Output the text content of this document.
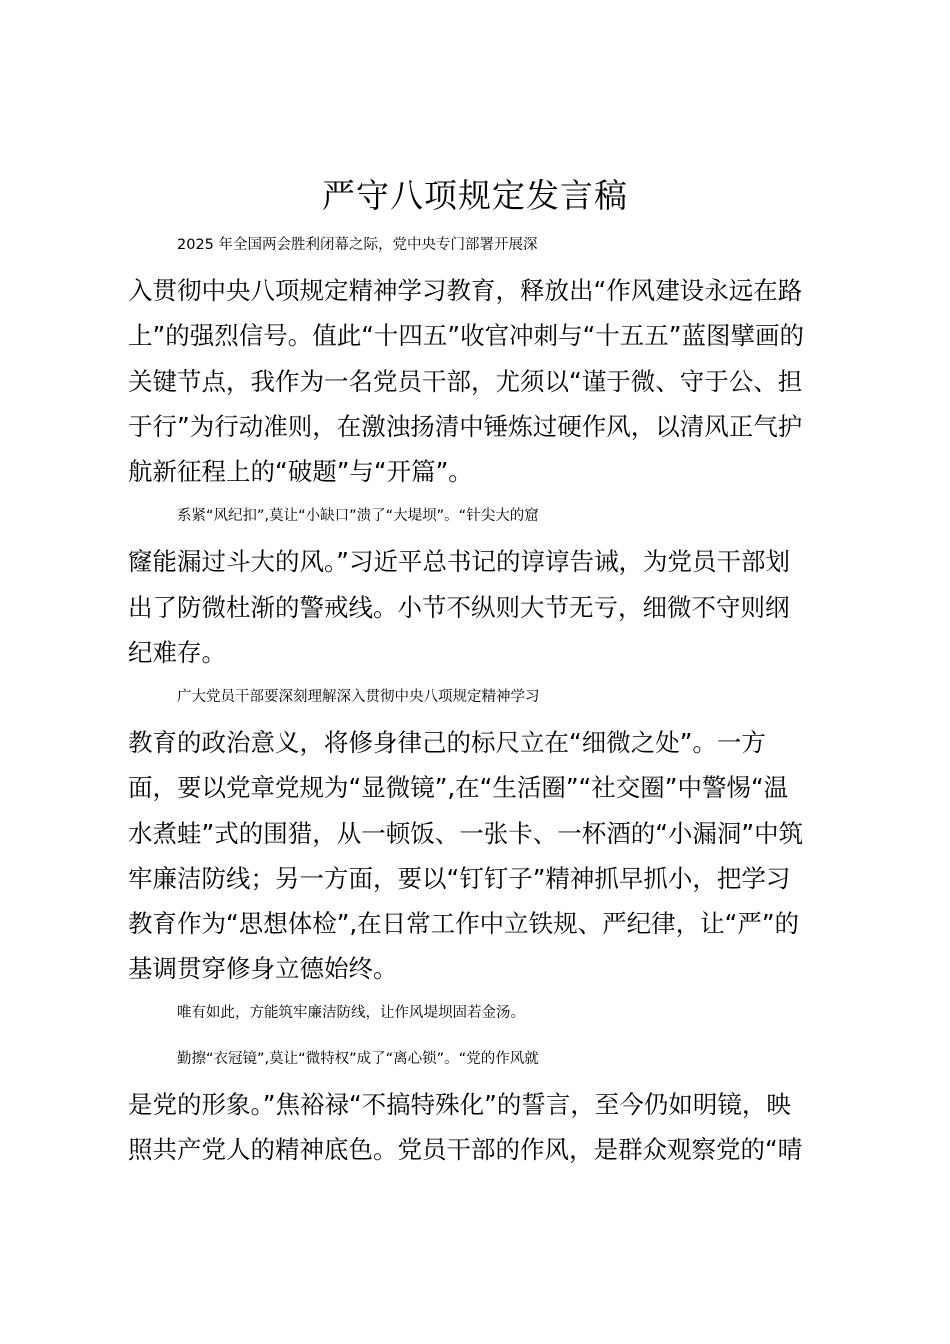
严守八项规定发言稿

2025 年全国两会胜利闭幕之际，党中央专门部署开展深
入贯彻中央八项规定精神学习教育，释放出“作风建设永远在路
上”的强烈信号。值此“十四五”收官冲刺与“十五五”蓝图擘画的
关键节点，我作为一名党员干部，尤须以“谨于微、守于公、担
于行”为行动准则，在激浊扬清中锤炼过硬作风，以清风正气护
航新征程上的“破题”与“开篇”。

系紧“风纪扣”,莫让“小缺口”溃了“大堤坝”。“针尖大的窟
窿能漏过斗大的风。”习近平总书记的谆谆告诫，为党员干部划
出了防微杜渐的警戒线。小节不纵则大节无亏，细微不守则纲
纪难存。

广大党员干部要深刻理解深入贯彻中央八项规定精神学习
教育的政治意义，将修身律己的标尺立在“细微之处”。一方
面，要以党章党规为“显微镜”,在“生活圈”“社交圈”中警惕“温
水煮蛙”式的围猎，从一顿饭、一张卡、一杯酒的“小漏洞”中筑
牢廉洁防线；另一方面，要以“钉钉子”精神抓早抓小，把学习
教育作为“思想体检”,在日常工作中立铁规、严纪律，让“严”的
基调贯穿修身立德始终。

唯有如此，方能筑牢廉洁防线，让作风堤坝固若金汤。

勤擦“衣冠镜”,莫让“微特权”成了“离心锁”。“党的作风就
是党的形象。”焦裕禄“不搞特殊化”的誓言，至今仍如明镜，映
照共产党人的精神底色。党员干部的作风，是群众观察党的“晴
